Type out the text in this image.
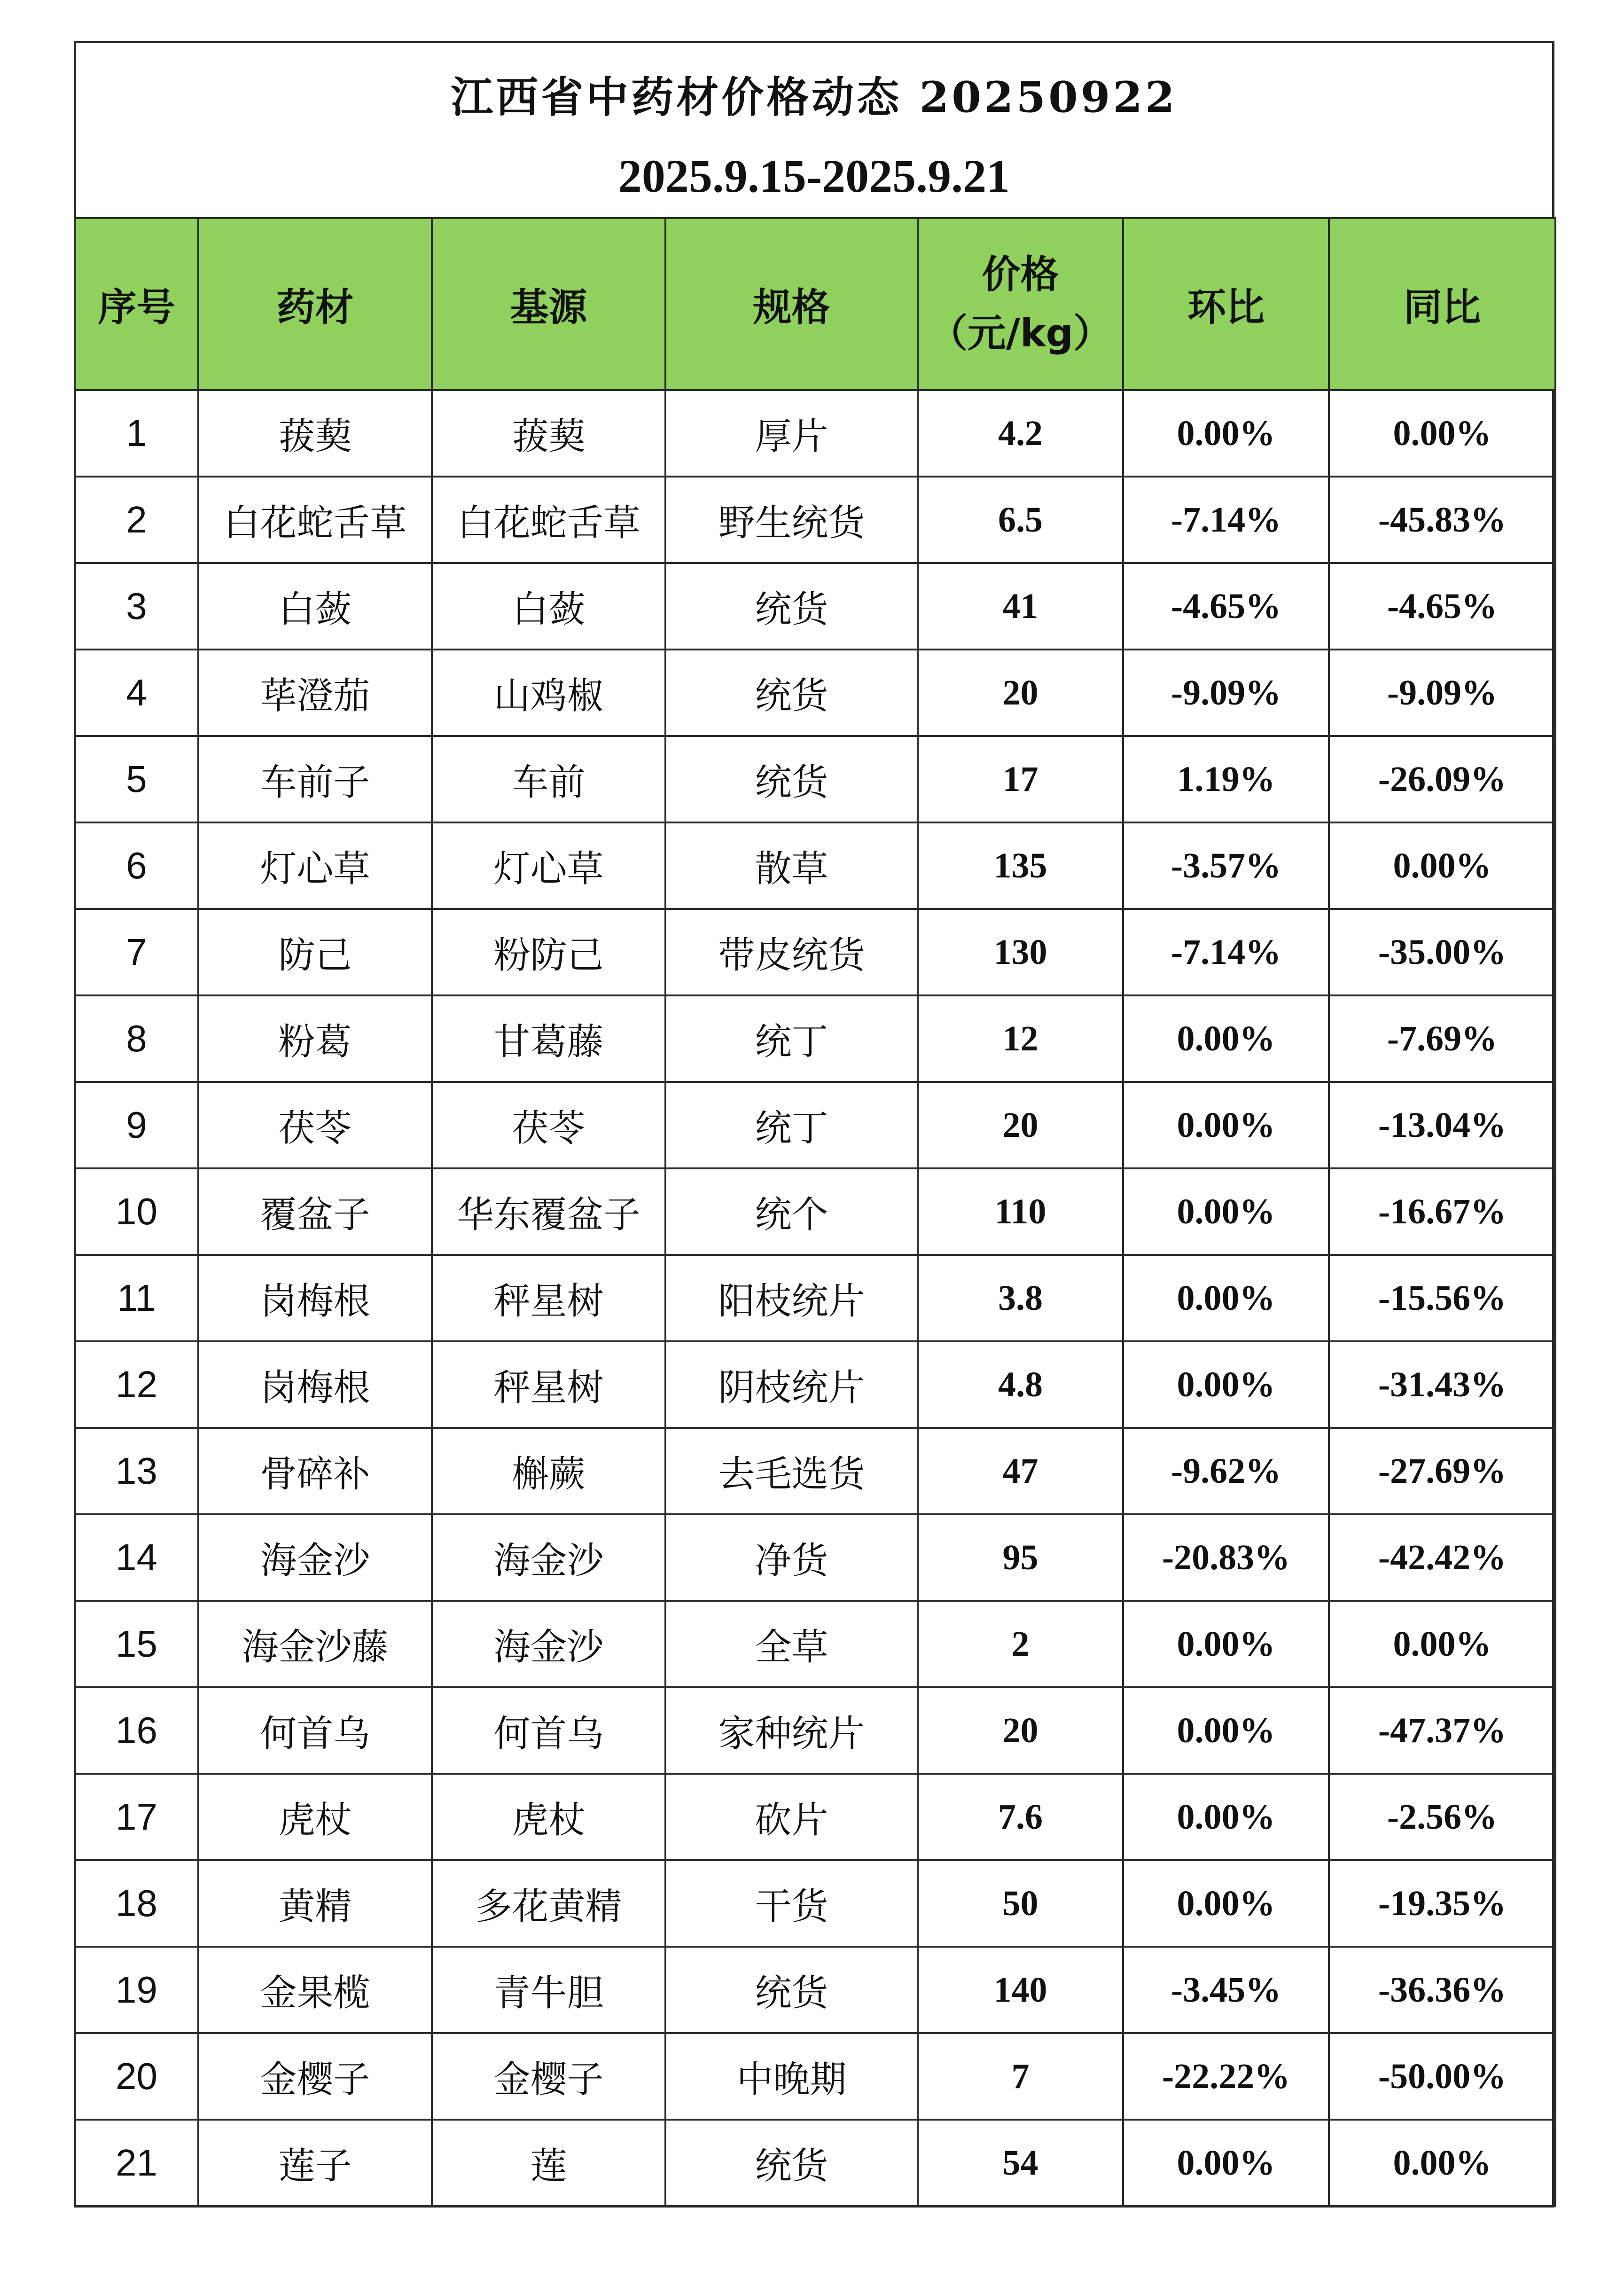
江西省中药材价格动态 20250922
2025.9.15-2025.9.21
序号	药材	基源	规格	价格（元/kg）	环比	同比
1	菝葜	菝葜	厚片	4.2	0.00%	0.00%
2	白花蛇舌草	白花蛇舌草	野生统货	6.5	-7.14%	-45.83%
3	白蔹	白蔹	统货	41	-4.65%	-4.65%
4	荜澄茄	山鸡椒	统货	20	-9.09%	-9.09%
5	车前子	车前	统货	17	1.19%	-26.09%
6	灯心草	灯心草	散草	135	-3.57%	0.00%
7	防己	粉防己	带皮统货	130	-7.14%	-35.00%
8	粉葛	甘葛藤	统丁	12	0.00%	-7.69%
9	茯苓	茯苓	统丁	20	0.00%	-13.04%
10	覆盆子	华东覆盆子	统个	110	0.00%	-16.67%
11	岗梅根	秤星树	阳枝统片	3.8	0.00%	-15.56%
12	岗梅根	秤星树	阴枝统片	4.8	0.00%	-31.43%
13	骨碎补	槲蕨	去毛选货	47	-9.62%	-27.69%
14	海金沙	海金沙	净货	95	-20.83%	-42.42%
15	海金沙藤	海金沙	全草	2	0.00%	0.00%
16	何首乌	何首乌	家种统片	20	0.00%	-47.37%
17	虎杖	虎杖	砍片	7.6	0.00%	-2.56%
18	黄精	多花黄精	干货	50	0.00%	-19.35%
19	金果榄	青牛胆	统货	140	-3.45%	-36.36%
20	金樱子	金樱子	中晚期	7	-22.22%	-50.00%
21	莲子	莲	统货	54	0.00%	0.00%
